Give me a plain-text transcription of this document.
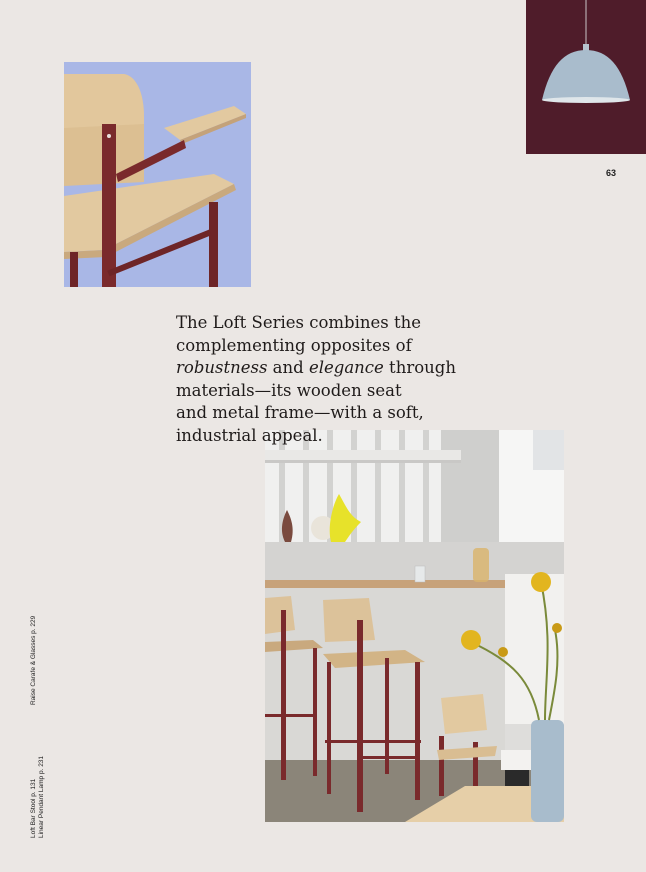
63
The Loft Series combines the
complementing opposites of
robustness and elegance through
materials—its wooden seat
and metal frame—with a soft,
industrial appeal.
Raise Carafe & Glasses p. 229
Loft Bar Stool p. 131 Linear Pendant Lamp p. 231
